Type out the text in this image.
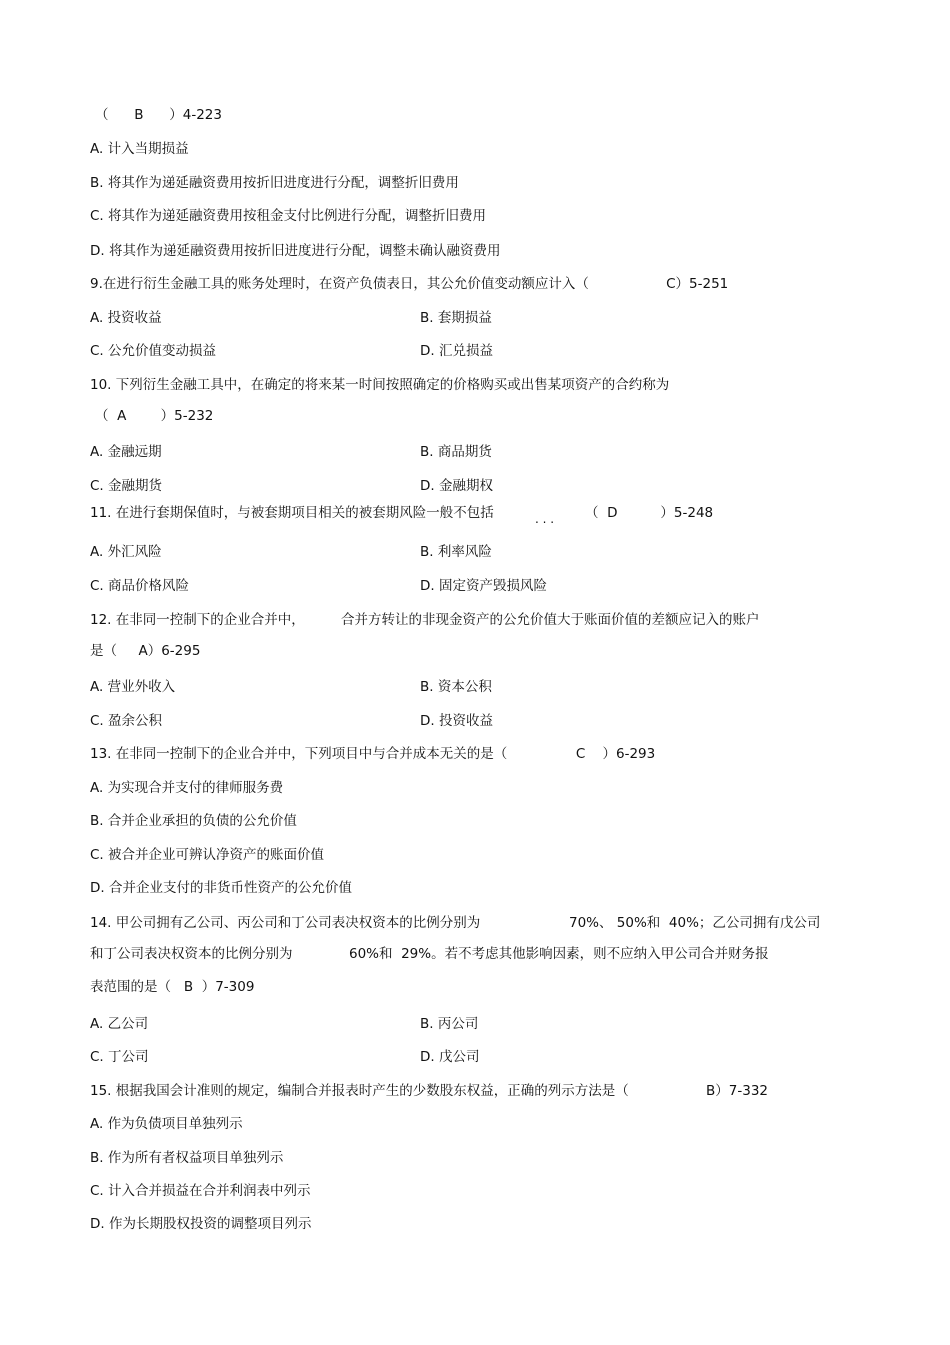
（      B      ）4-223
A. 计入当期损益
B. 将其作为递延融资费用按折旧进度进行分配，调整折旧费用
C. 将其作为递延融资费用按租金支付比例进行分配，调整折旧费用
D. 将其作为递延融资费用按折旧进度进行分配，调整未确认融资费用
9.在进行衍生金融工具的账务处理时，在资产负债表日，其公允价值变动额应计入（                  C）5-251
A. 投资收益	B. 套期损益
C. 公允价值变动损益	D. 汇兑损益
10. 下列衍生金融工具中，在确定的将来某一时间按照确定的价格购买或出售某项资产的合约称为
（  A        ）5-232
A. 金融远期	B. 商品期货
C. 金融期货	D. 金融期权
11. 在进行套期保值时，与被套期项目相关的被套期风险一般不包括	. . . （  D          ）5-248
A. 外汇风险	B. 利率风险
C. 商品价格风险	D. 固定资产毁损风险
12. 在非同一控制下的企业合并中，	合并方转让的非现金资产的公允价值大于账面价值的差额应记入的账户
是（     A）6-295
A. 营业外收入	B. 资本公积
C. 盈余公积	D. 投资收益
13. 在非同一控制下的企业合并中，下列项目中与合并成本无关的是（                C    ）6-293
A. 为实现合并支付的律师服务费
B. 合并企业承担的负债的公允价值
C. 被合并企业可辨认净资产的账面价值
D. 合并企业支付的非货币性资产的公允价值
14. 甲公司拥有乙公司、丙公司和丁公司表决权资本的比例分别为	70%、 50%和  40%；乙公司拥有戊公司
和丁公司表决权资本的比例分别为	60%和  29%。若不考虑其他影响因素，则不应纳入甲公司合并财务报
表范围的是（   B  ）7-309
A. 乙公司	B. 丙公司
C. 丁公司	D. 戊公司
15. 根据我国会计准则的规定，编制合并报表时产生的少数股东权益，正确的列示方法是（                  B）7-332
A. 作为负债项目单独列示
B. 作为所有者权益项目单独列示
C. 计入合并损益在合并利润表中列示
D. 作为长期股权投资的调整项目列示
